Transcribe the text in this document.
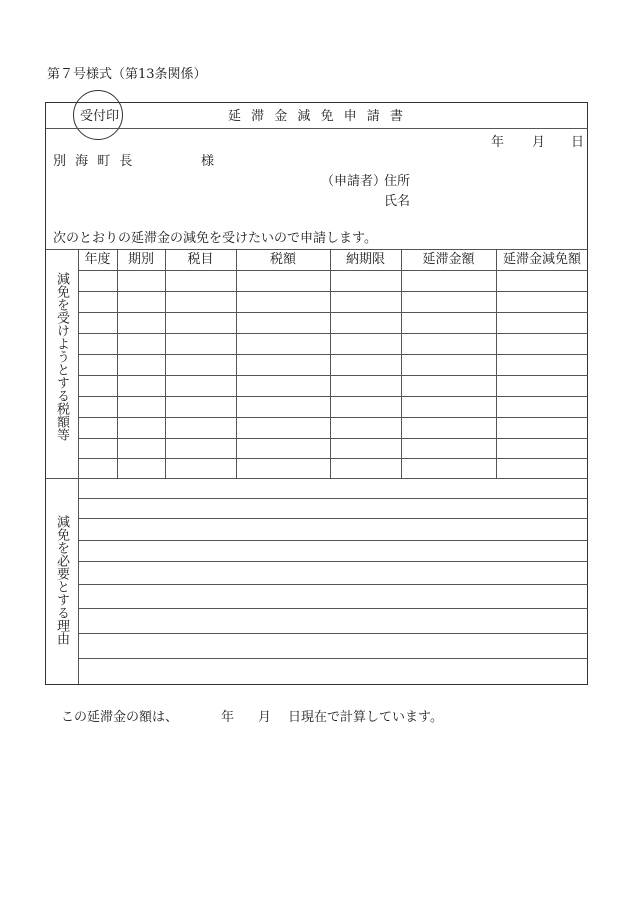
第７号様式（第13条関係）
受付印	延 滞 金 減 免 申 請 書
年 月 日
別 海 町 長	様
（申請者）
住所
氏名
次のとおりの延滞金の減免を受けたいので申請します。
年度	期別	税目	税額	納期限	延滞金額	延滞金減免額
減免を受けようとする税額等
減免を必要とする理由
この延滞金の額は、	年 月 日現在で計算しています。
